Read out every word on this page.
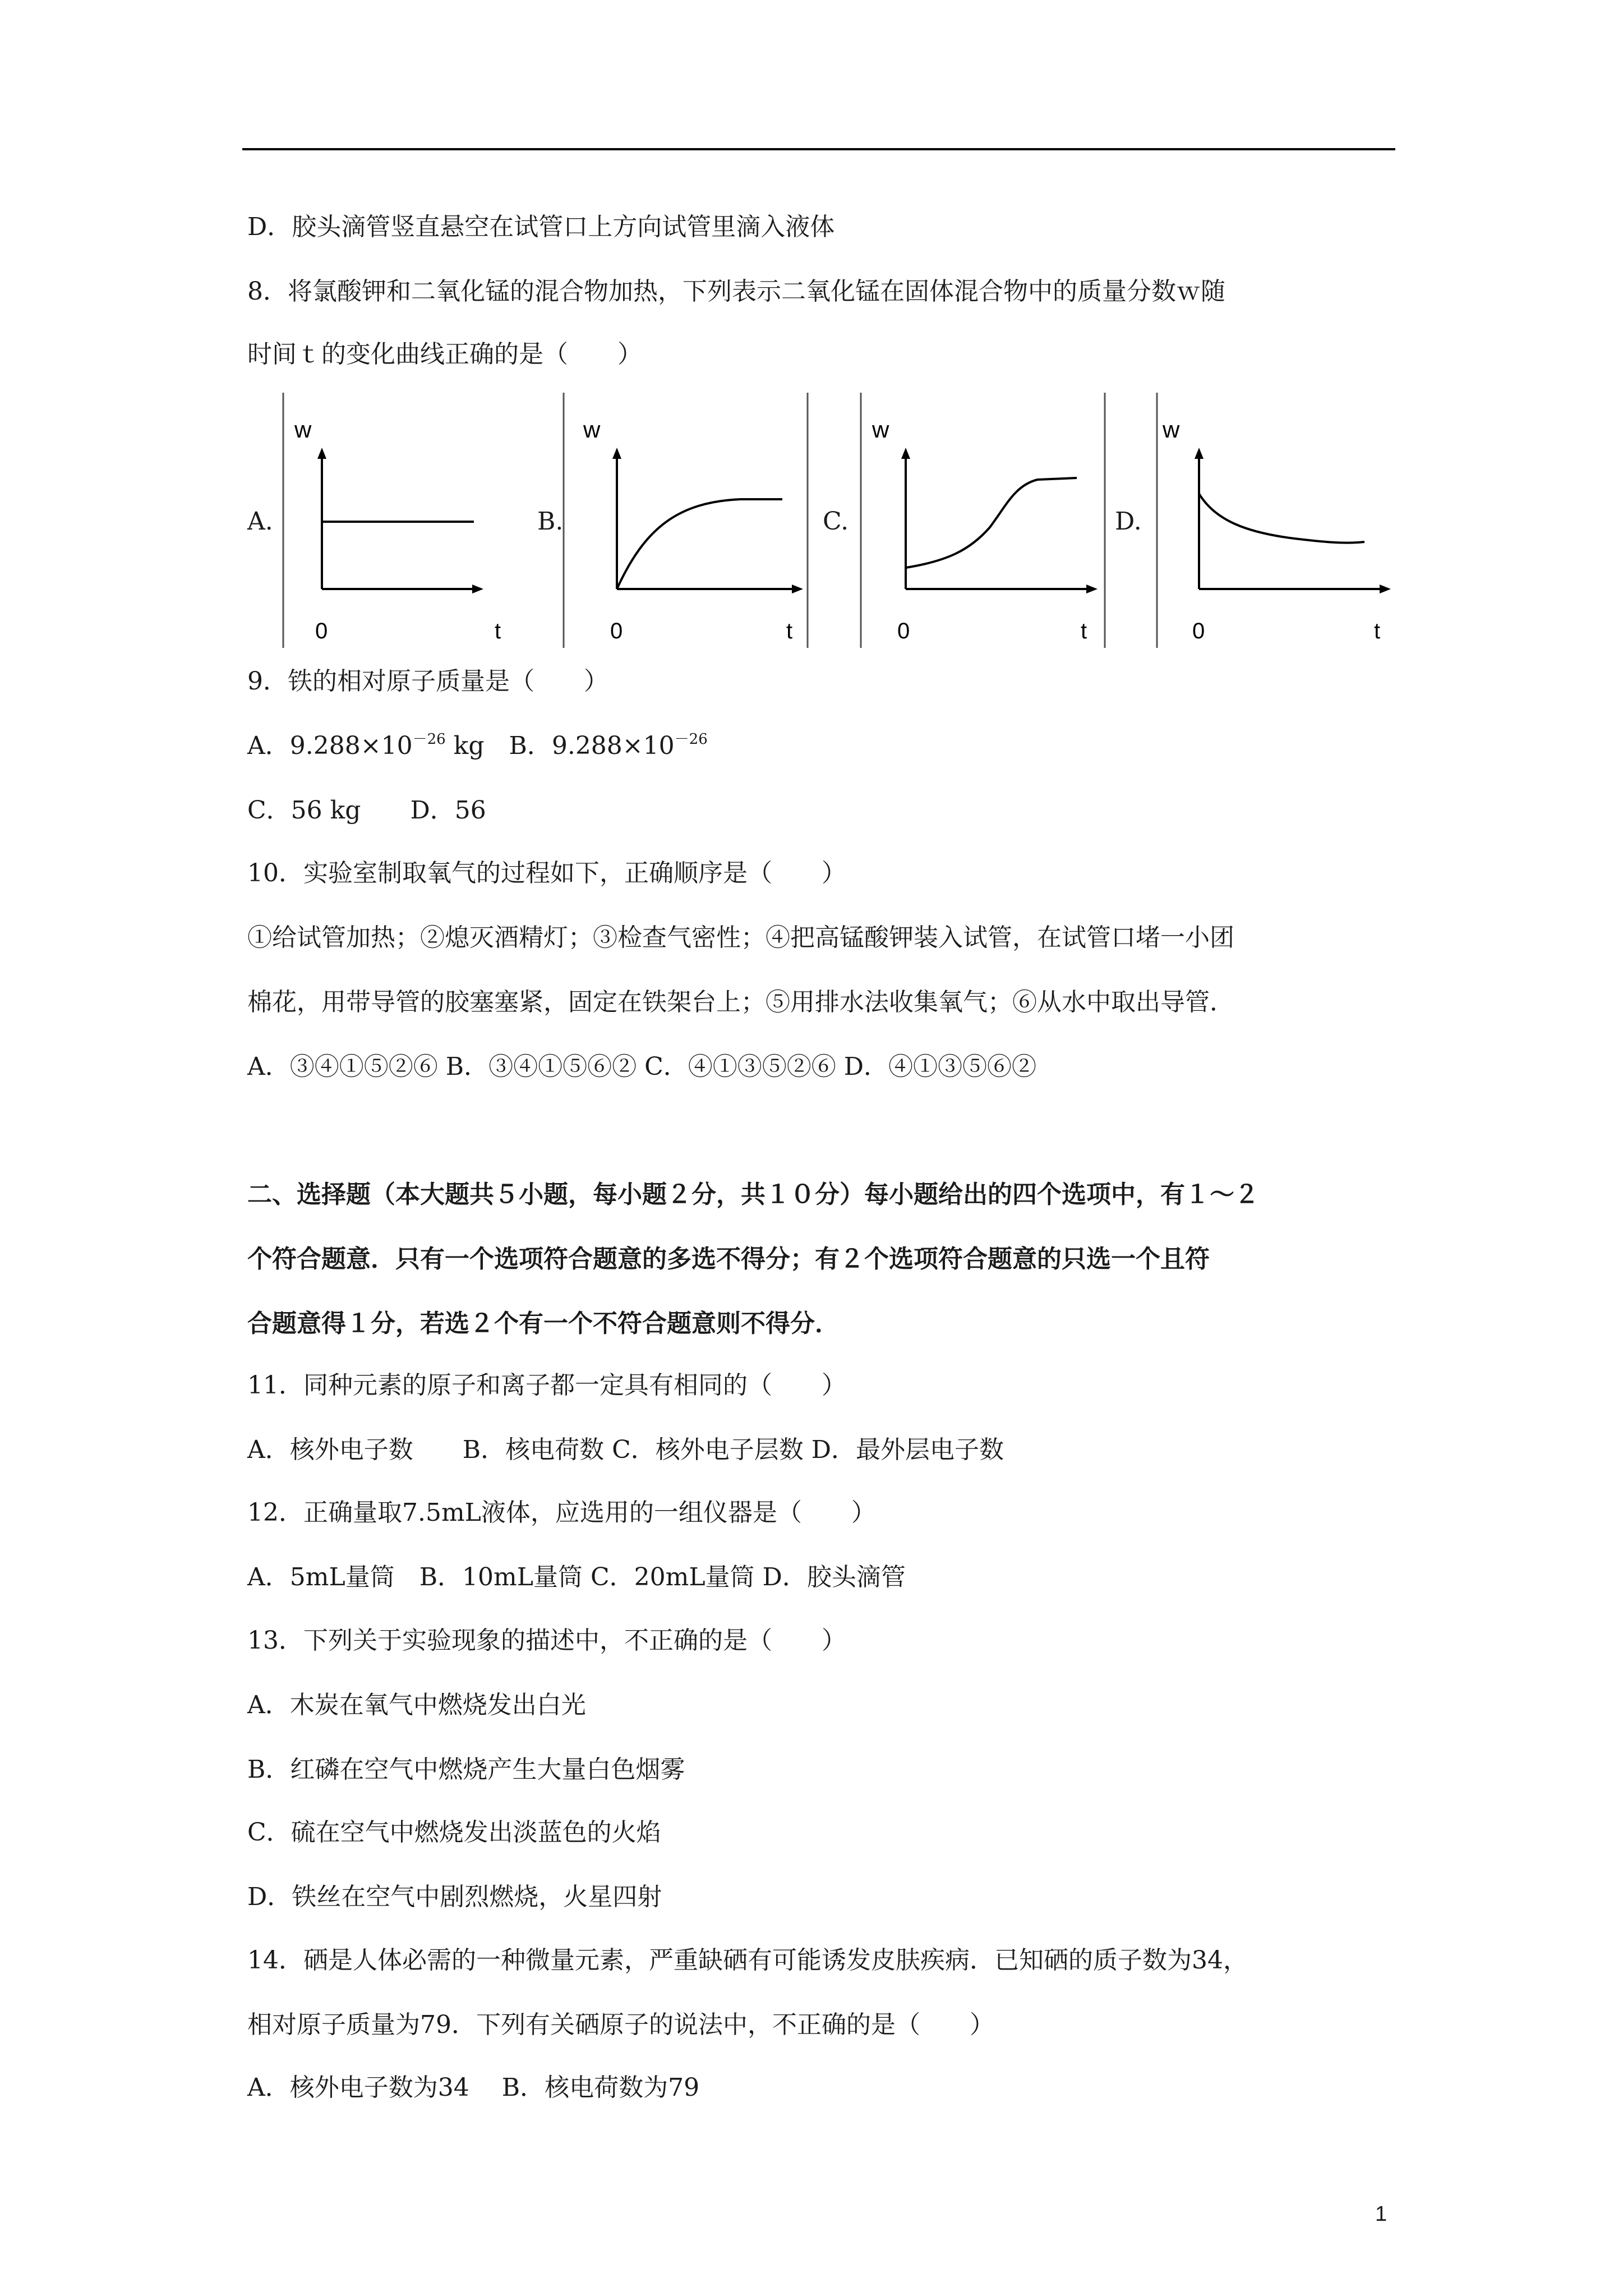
D．胶头滴管竖直悬空在试管口上方向试管里滴入液体
8．将氯酸钾和二氧化锰的混合物加热，下列表示二氧化锰在固体混合物中的质量分数ｗ随
时间ｔ的变化曲线正确的是（　　）
A.
w
0	t
B.
w
0	t
C.
w
0	t
D.
w
0	t
9．铁的相对原子质量是（　　）
A．$9.288\times 10^{-26}$ kg　B．$9.288\times 10^{-26}$
C．56 kg　　D．56
10．实验室制取氧气的过程如下，正确顺序是（　　）
①给试管加热；②熄灭酒精灯；③检查气密性；④把高锰酸钾装入试管，在试管口堵一小团
棉花，用带导管的胶塞塞紧，固定在铁架台上；⑤用排水法收集氧气；⑥从水中取出导管．
A．③④①⑤②⑥ B．③④①⑤⑥② C．④①③⑤②⑥ D．④①③⑤⑥②
二、选择题（本大题共５小题，每小题２分，共１０分）每小题给出的四个选项中，有１～２
个符合题意．只有一个选项符合题意的多选不得分；有２个选项符合题意的只选一个且符
合题意得１分，若选２个有一个不符合题意则不得分．
11．同种元素的原子和离子都一定具有相同的（　　）
A．核外电子数　　B．核电荷数 C．核外电子层数 D．最外层电子数
12．正确量取7.5mL液体，应选用的一组仪器是（　　）
A．5mL量筒　B．10mL量筒 C．20mL量筒 D．胶头滴管
13．下列关于实验现象的描述中，不正确的是（　　）
A．木炭在氧气中燃烧发出白光
B．红磷在空气中燃烧产生大量白色烟雾
C．硫在空气中燃烧发出淡蓝色的火焰
D．铁丝在空气中剧烈燃烧，火星四射
14．硒是人体必需的一种微量元素，严重缺硒有可能诱发皮肤疾病．已知硒的质子数为34，
相对原子质量为79．下列有关硒原子的说法中，不正确的是（　　）
A．核外电子数为34　 B．核电荷数为79
1
